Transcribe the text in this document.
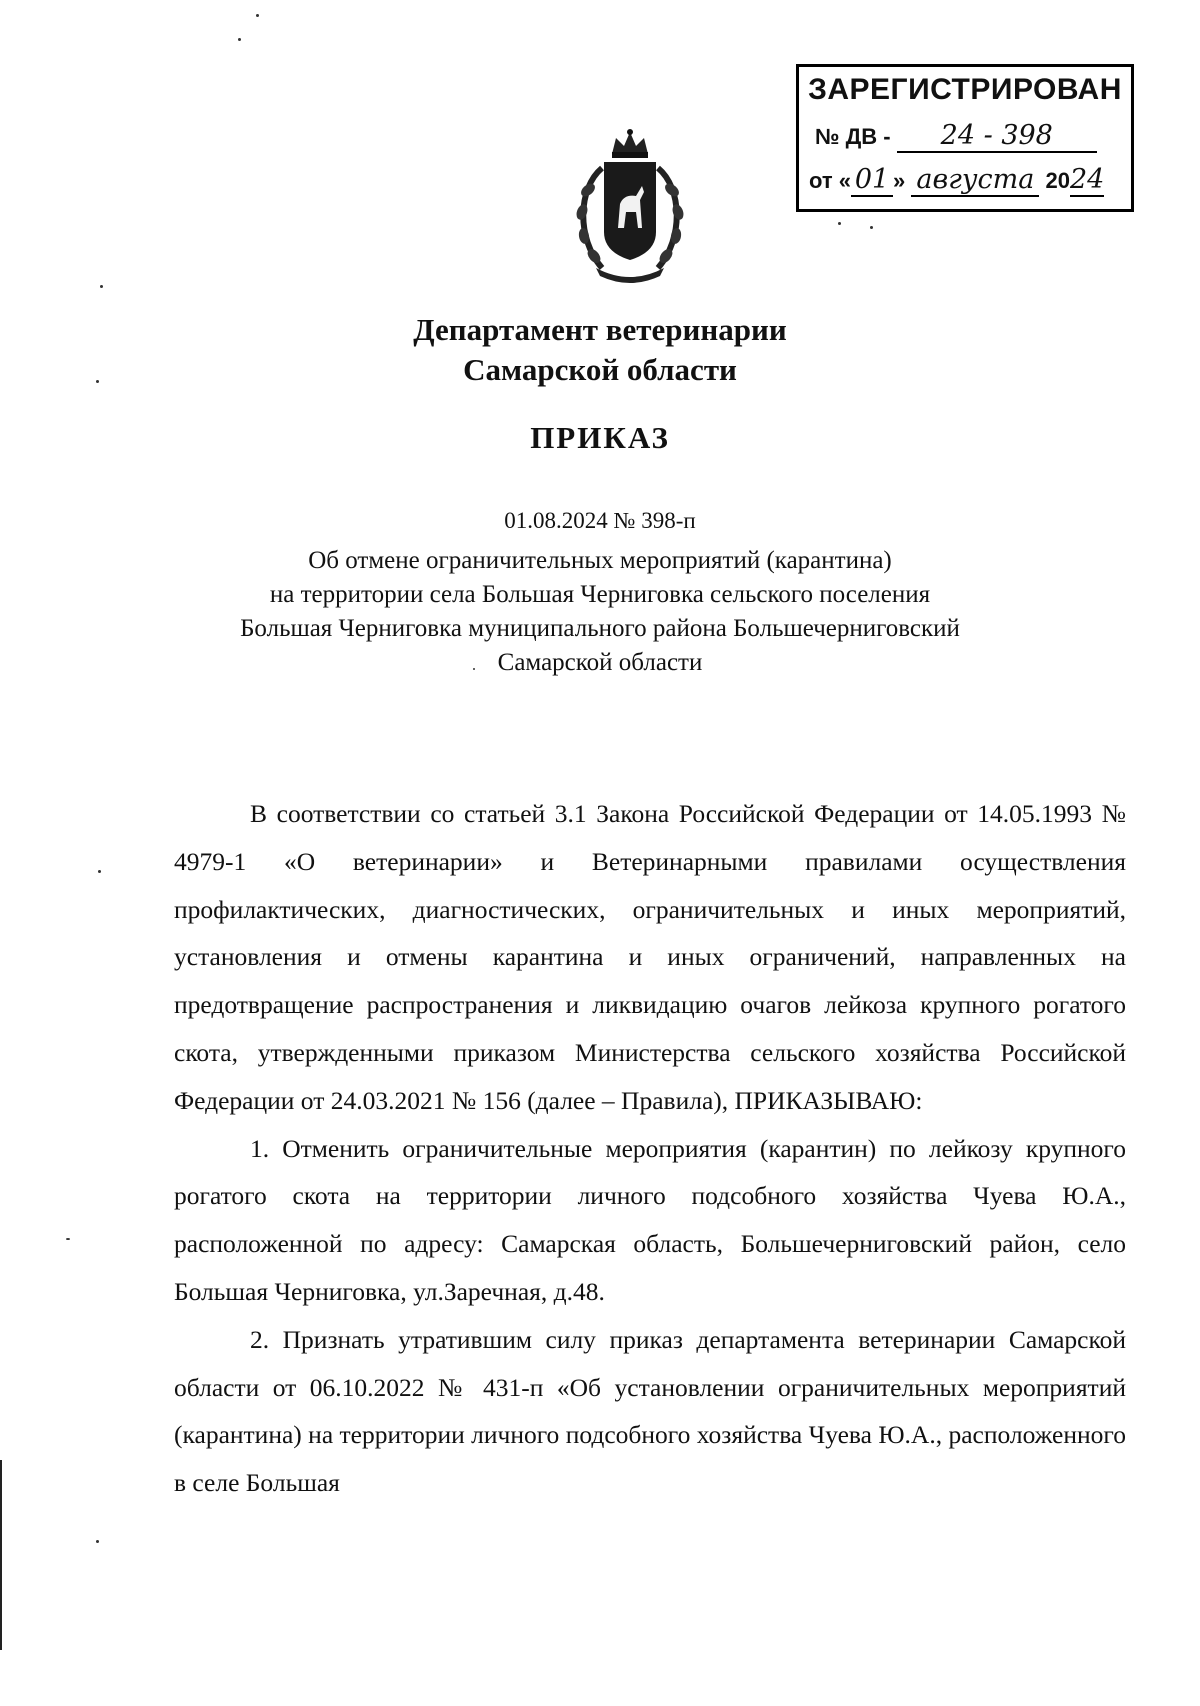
ЗАРЕГИСТРИРОВАН
№ ДВ - 24 - 398
от « 01 » августа 2024
Департамент ветеринарии
Самарской области
ПРИКАЗ
01.08.2024 № 398-п
Об отмене ограничительных мероприятий (карантина)
на территории села Большая Черниговка сельского поселения
Большая Черниговка муниципального района Большечерниговский
Самарской области

В соответствии со статьей 3.1 Закона Российской Федерации от 14.05.1993 № 4979-1 «О ветеринарии» и Ветеринарными правилами осуществления профилактических, диагностических, ограничительных и иных мероприятий, установления и отмены карантина и иных ограничений, направленных на предотвращение распространения и ликвидацию очагов лейкоза крупного рогатого скота, утвержденными приказом Министерства сельского хозяйства Российской Федерации от 24.03.2021 № 156 (далее – Правила), ПРИКАЗЫВАЮ:

1. Отменить ограничительные мероприятия (карантин) по лейкозу крупного рогатого скота на территории личного подсобного хозяйства Чуева Ю.А., расположенной по адресу: Самарская область, Большечерниговский район, село Большая Черниговка, ул.Заречная, д.48.

2. Признать утратившим силу приказ департамента ветеринарии Самарской области от 06.10.2022 № 431-п «Об установлении ограничительных мероприятий (карантина) на территории личного подсобного хозяйства Чуева Ю.А., расположенного в селе Большая
